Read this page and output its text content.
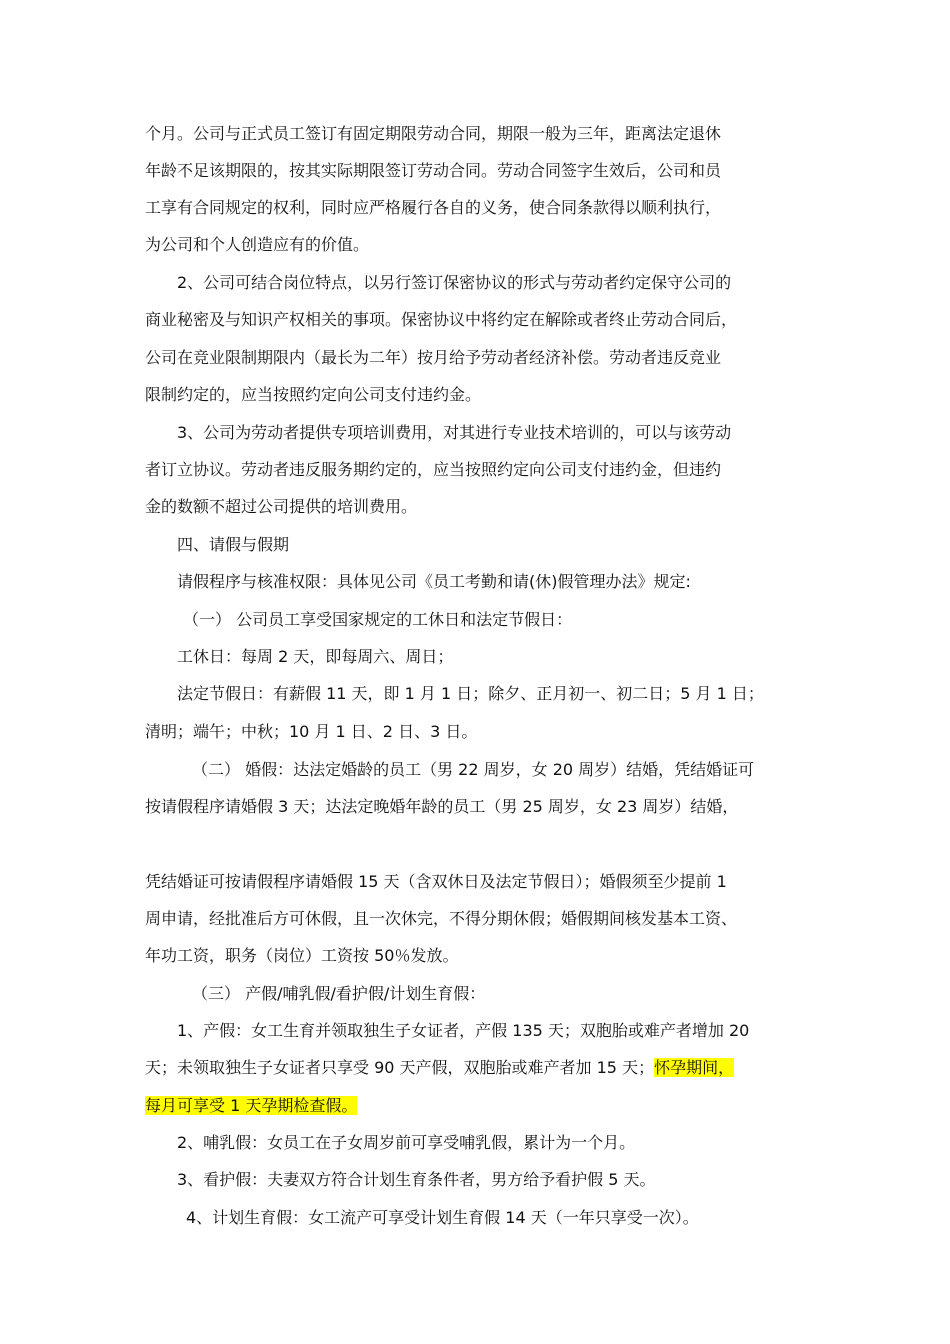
个月。公司与正式员工签订有固定期限劳动合同，期限一般为三年，距离法定退休
年龄不足该期限的，按其实际期限签订劳动合同。劳动合同签字生效后，公司和员
工享有合同规定的权利，同时应严格履行各自的义务，使合同条款得以顺利执行，
为公司和个人创造应有的价值。
2、公司可结合岗位特点，以另行签订保密协议的形式与劳动者约定保守公司的
商业秘密及与知识产权相关的事项。保密协议中将约定在解除或者终止劳动合同后，
公司在竞业限制期限内（最长为二年）按月给予劳动者经济补偿。劳动者违反竞业
限制约定的，应当按照约定向公司支付违约金。
3、公司为劳动者提供专项培训费用，对其进行专业技术培训的，可以与该劳动
者订立协议。劳动者违反服务期约定的，应当按照约定向公司支付违约金，但违约
金的数额不超过公司提供的培训费用。
四、请假与假期
请假程序与核准权限：具体见公司《员工考勤和请(休)假管理办法》规定:
（一） 公司员工享受国家规定的工休日和法定节假日：
工休日：每周 2 天，即每周六、周日；
法定节假日：有薪假 11 天，即 1 月 1 日；除夕、正月初一、初二日；5 月 1 日；
清明；端午；中秋；10 月 1 日、2 日、3 日。
（二） 婚假：达法定婚龄的员工（男 22 周岁，女 20 周岁）结婚，凭结婚证可
按请假程序请婚假 3 天；达法定晚婚年龄的员工（男 25 周岁，女 23 周岁）结婚，
凭结婚证可按请假程序请婚假 15 天（含双休日及法定节假日）；婚假须至少提前 1
周申请，经批准后方可休假，且一次休完，不得分期休假；婚假期间核发基本工资、
年功工资，职务（岗位）工资按 50％发放。
（三） 产假/哺乳假/看护假/计划生育假：
1、产假：女工生育并领取独生子女证者，产假 135 天；双胞胎或难产者增加 20
天；未领取独生子女证者只享受 90 天产假，双胞胎或难产者加 15 天；怀孕期间，
每月可享受 1 天孕期检查假。
2、哺乳假：女员工在子女周岁前可享受哺乳假，累计为一个月。
3、看护假：夫妻双方符合计划生育条件者，男方给予看护假 5 天。
4、计划生育假：女工流产可享受计划生育假 14 天（一年只享受一次）。
